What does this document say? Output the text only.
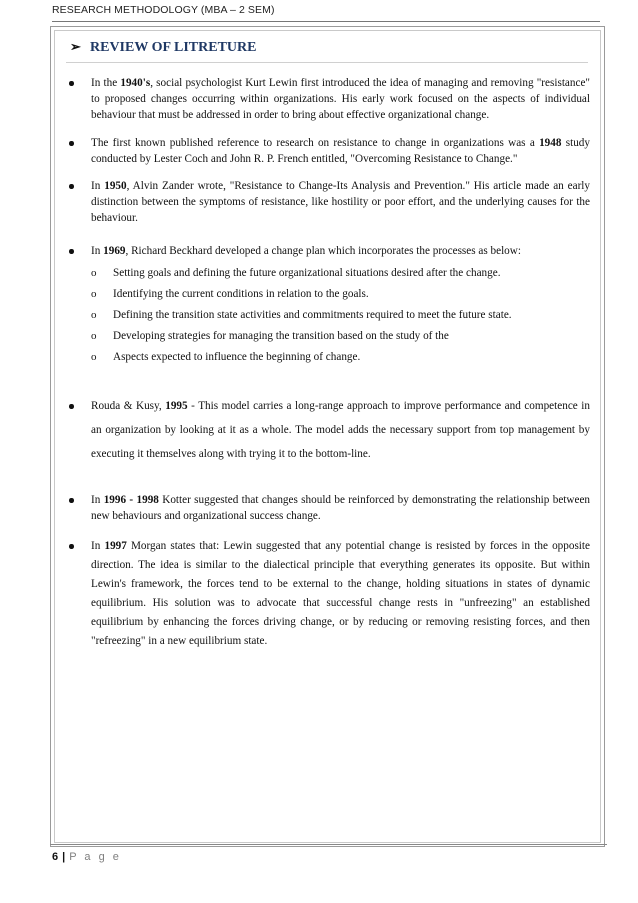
RESEARCH METHODOLOGY (MBA – 2 SEM)
➢ REVIEW OF LITRETURE
In the 1940's, social psychologist Kurt Lewin first introduced the idea of managing and removing "resistance" to proposed changes occurring within organizations. His early work focused on the aspects of individual behaviour that must be addressed in order to bring about effective organizational change.
The first known published reference to research on resistance to change in organizations was a 1948 study conducted by Lester Coch and John R. P. French entitled, "Overcoming Resistance to Change."
In 1950, Alvin Zander wrote, "Resistance to Change-Its Analysis and Prevention." His article made an early distinction between the symptoms of resistance, like hostility or poor effort, and the underlying causes for the behaviour.
In 1969, Richard Beckhard developed a change plan which incorporates the processes as below:
o Setting goals and defining the future organizational situations desired after the change.
o Identifying the current conditions in relation to the goals.
o Defining the transition state activities and commitments required to meet the future state.
o Developing strategies for managing the transition based on the study of the
o Aspects expected to influence the beginning of change.
Rouda & Kusy, 1995 - This model carries a long-range approach to improve performance and competence in an organization by looking at it as a whole. The model adds the necessary support from top management by executing it themselves along with trying it to the bottom-line.
In 1996 - 1998 Kotter suggested that changes should be reinforced by demonstrating the relationship between new behaviours and organizational success change.
In 1997 Morgan states that: Lewin suggested that any potential change is resisted by forces in the opposite direction. The idea is similar to the dialectical principle that everything generates its opposite. But within Lewin's framework, the forces tend to be external to the change, holding situations in states of dynamic equilibrium. His solution was to advocate that successful change rests in "unfreezing" an established equilibrium by enhancing the forces driving change, or by reducing or removing resisting forces, and then "refreezing" in a new equilibrium state.
6 | P a g e
